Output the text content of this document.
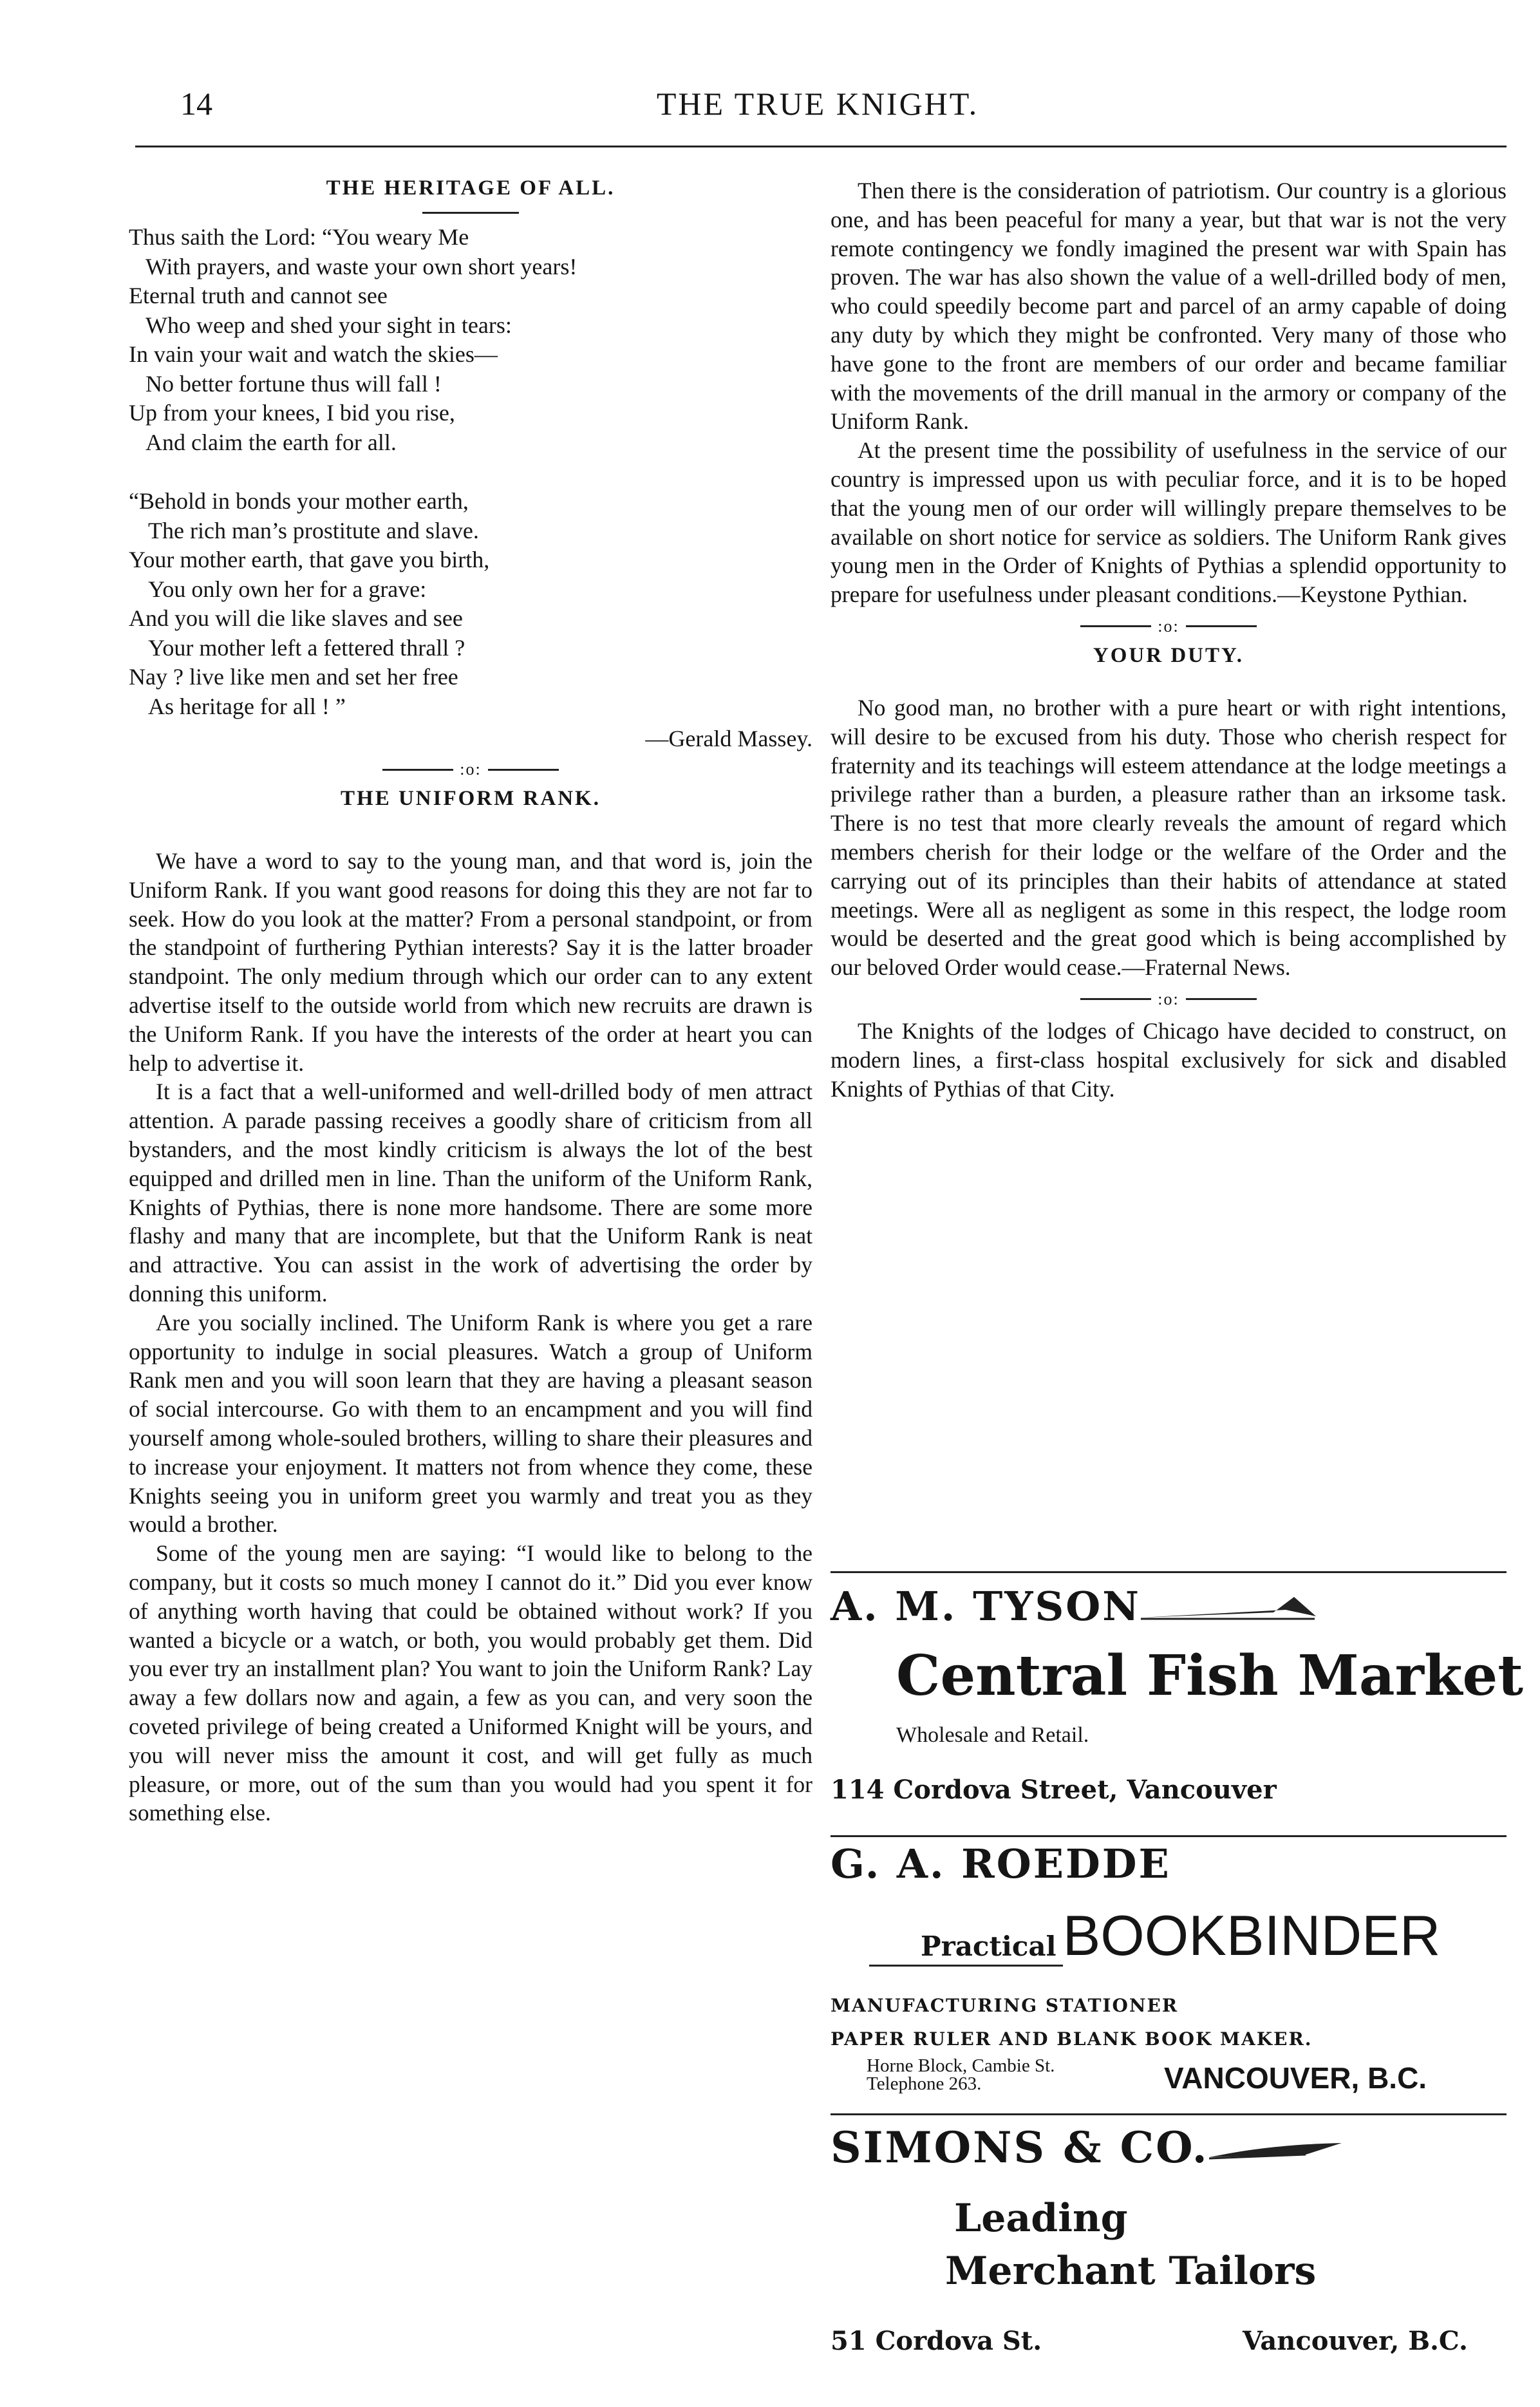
14	THE TRUE KNIGHT.
THE HERITAGE OF ALL.
Thus saith the Lord: “You weary Me
With prayers, and waste your own short years!
Eternal truth and cannot see
Who weep and shed your sight in tears:
In vain your wait and watch the skies—
No better fortune thus will fall !
Up from your knees, I bid you rise,
And claim the earth for all.
“Behold in bonds your mother earth,
The rich man’s prostitute and slave.
Your mother earth, that gave you birth,
You only own her for a grave:
And you will die like slaves and see
Your mother left a fettered thrall ?
Nay ? live like men and set her free
As heritage for all ! ”

—Gerald Massey.

:o:
THE UNIFORM RANK.

We have a word to say to the young man, and that word is, join the Uniform Rank. If you want good reasons for doing this they are not far to seek. How do you look at the matter? From a personal standpoint, or from the standpoint of furthering Pythian interests? Say it is the latter broader standpoint. The only medium through which our order can to any extent advertise itself to the outside world from which new recruits are drawn is the Uniform Rank. If you have the interests of the order at heart you can help to advertise it.

It is a fact that a well-uniformed and well-drilled body of men attract attention. A parade passing receives a goodly share of criticism from all bystanders, and the most kindly criticism is always the lot of the best equipped and drilled men in line. Than the uniform of the Uniform Rank, Knights of Pythias, there is none more handsome. There are some more flashy and many that are incomplete, but that the Uniform Rank is neat and attractive. You can assist in the work of advertising the order by donning this uniform.

Are you socially inclined. The Uniform Rank is where you get a rare opportunity to indulge in social pleasures. Watch a group of Uniform Rank men and you will soon learn that they are having a pleasant season of social intercourse. Go with them to an encampment and you will find yourself among whole-souled brothers, willing to share their pleasures and to increase your enjoyment. It matters not from whence they come, these Knights seeing you in uniform greet you warmly and treat you as they would a brother.

Some of the young men are saying: “I would like to belong to the company, but it costs so much money I cannot do it.” Did you ever know of anything worth having that could be obtained without work? If you wanted a bicycle or a watch, or both, you would probably get them. Did you ever try an installment plan? You want to join the Uniform Rank? Lay away a few dollars now and again, a few as you can, and very soon the coveted privilege of being created a Uniformed Knight will be yours, and you will never miss the amount it cost, and will get fully as much pleasure, or more, out of the sum than you would had you spent it for something else.

Then there is the consideration of patriotism. Our country is a glorious one, and has been peaceful for many a year, but that war is not the very remote contingency we fondly imagined the present war with Spain has proven. The war has also shown the value of a well-drilled body of men, who could speedily become part and parcel of an army capable of doing any duty by which they might be confronted. Very many of those who have gone to the front are members of our order and became familiar with the movements of the drill manual in the armory or company of the Uniform Rank.

At the present time the possibility of usefulness in the service of our country is impressed upon us with peculiar force, and it is to be hoped that the young men of our order will willingly prepare themselves to be available on short notice for service as soldiers. The Uniform Rank gives young men in the Order of Knights of Pythias a splendid opportunity to prepare for usefulness under pleasant conditions.—Keystone Pythian.

:o:
YOUR DUTY.

No good man, no brother with a pure heart or with right intentions, will desire to be excused from his duty. Those who cherish respect for fraternity and its teachings will esteem attendance at the lodge meetings a privilege rather than a burden, a pleasure rather than an irksome task. There is no test that more clearly reveals the amount of regard which members cherish for their lodge or the welfare of the Order and the carrying out of its principles than their habits of attendance at stated meetings. Were all as negligent as some in this respect, the lodge room would be deserted and the great good which is being accomplished by our beloved Order would cease.—Fraternal News.

:o:

The Knights of the lodges of Chicago have decided to construct, on modern lines, a first-class hospital exclusively for sick and disabled Knights of Pythias of that City.

A. M. TYSON
Central Fish Market
Wholesale and Retail.
114 Cordova Street, Vancouver
G. A. ROEDDE
Practical BOOKBINDER
MANUFACTURING STATIONER
PAPER RULER AND BLANK BOOK MAKER.
Horne Block, Cambie St.
Telephone 263.	VANCOUVER, B.C.
SIMONS & CO.
Leading
Merchant Tailors
51 Cordova St.	Vancouver, B.C.
